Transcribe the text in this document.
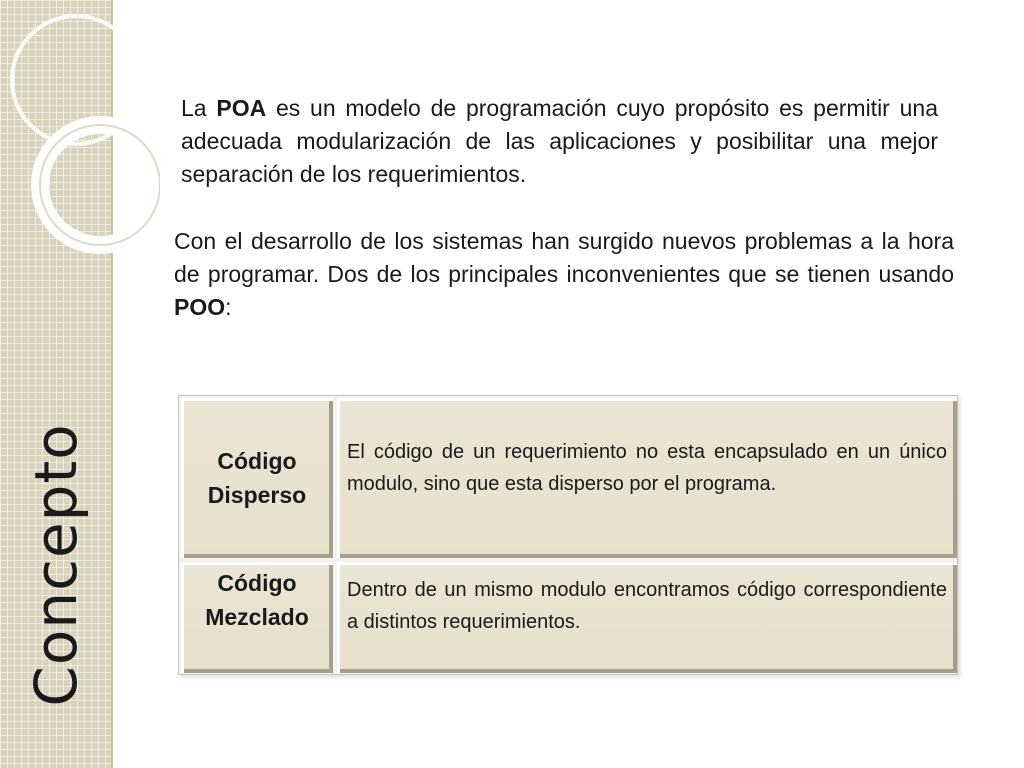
Concepto

La POA es un modelo de programación cuyo propósito es permitir una adecuada modularización de las aplicaciones y posibilitar una mejor separación de los requerimientos.

Con el desarrollo de los sistemas han surgido nuevos problemas a la hora de programar. Dos de los principales inconvenientes que se tienen usando POO:

Código
Disperso
El código de un requerimiento no esta encapsulado en un único modulo, sino que esta disperso por el programa.
Código
Mezclado
Dentro de un mismo modulo encontramos código correspondiente a distintos requerimientos.
